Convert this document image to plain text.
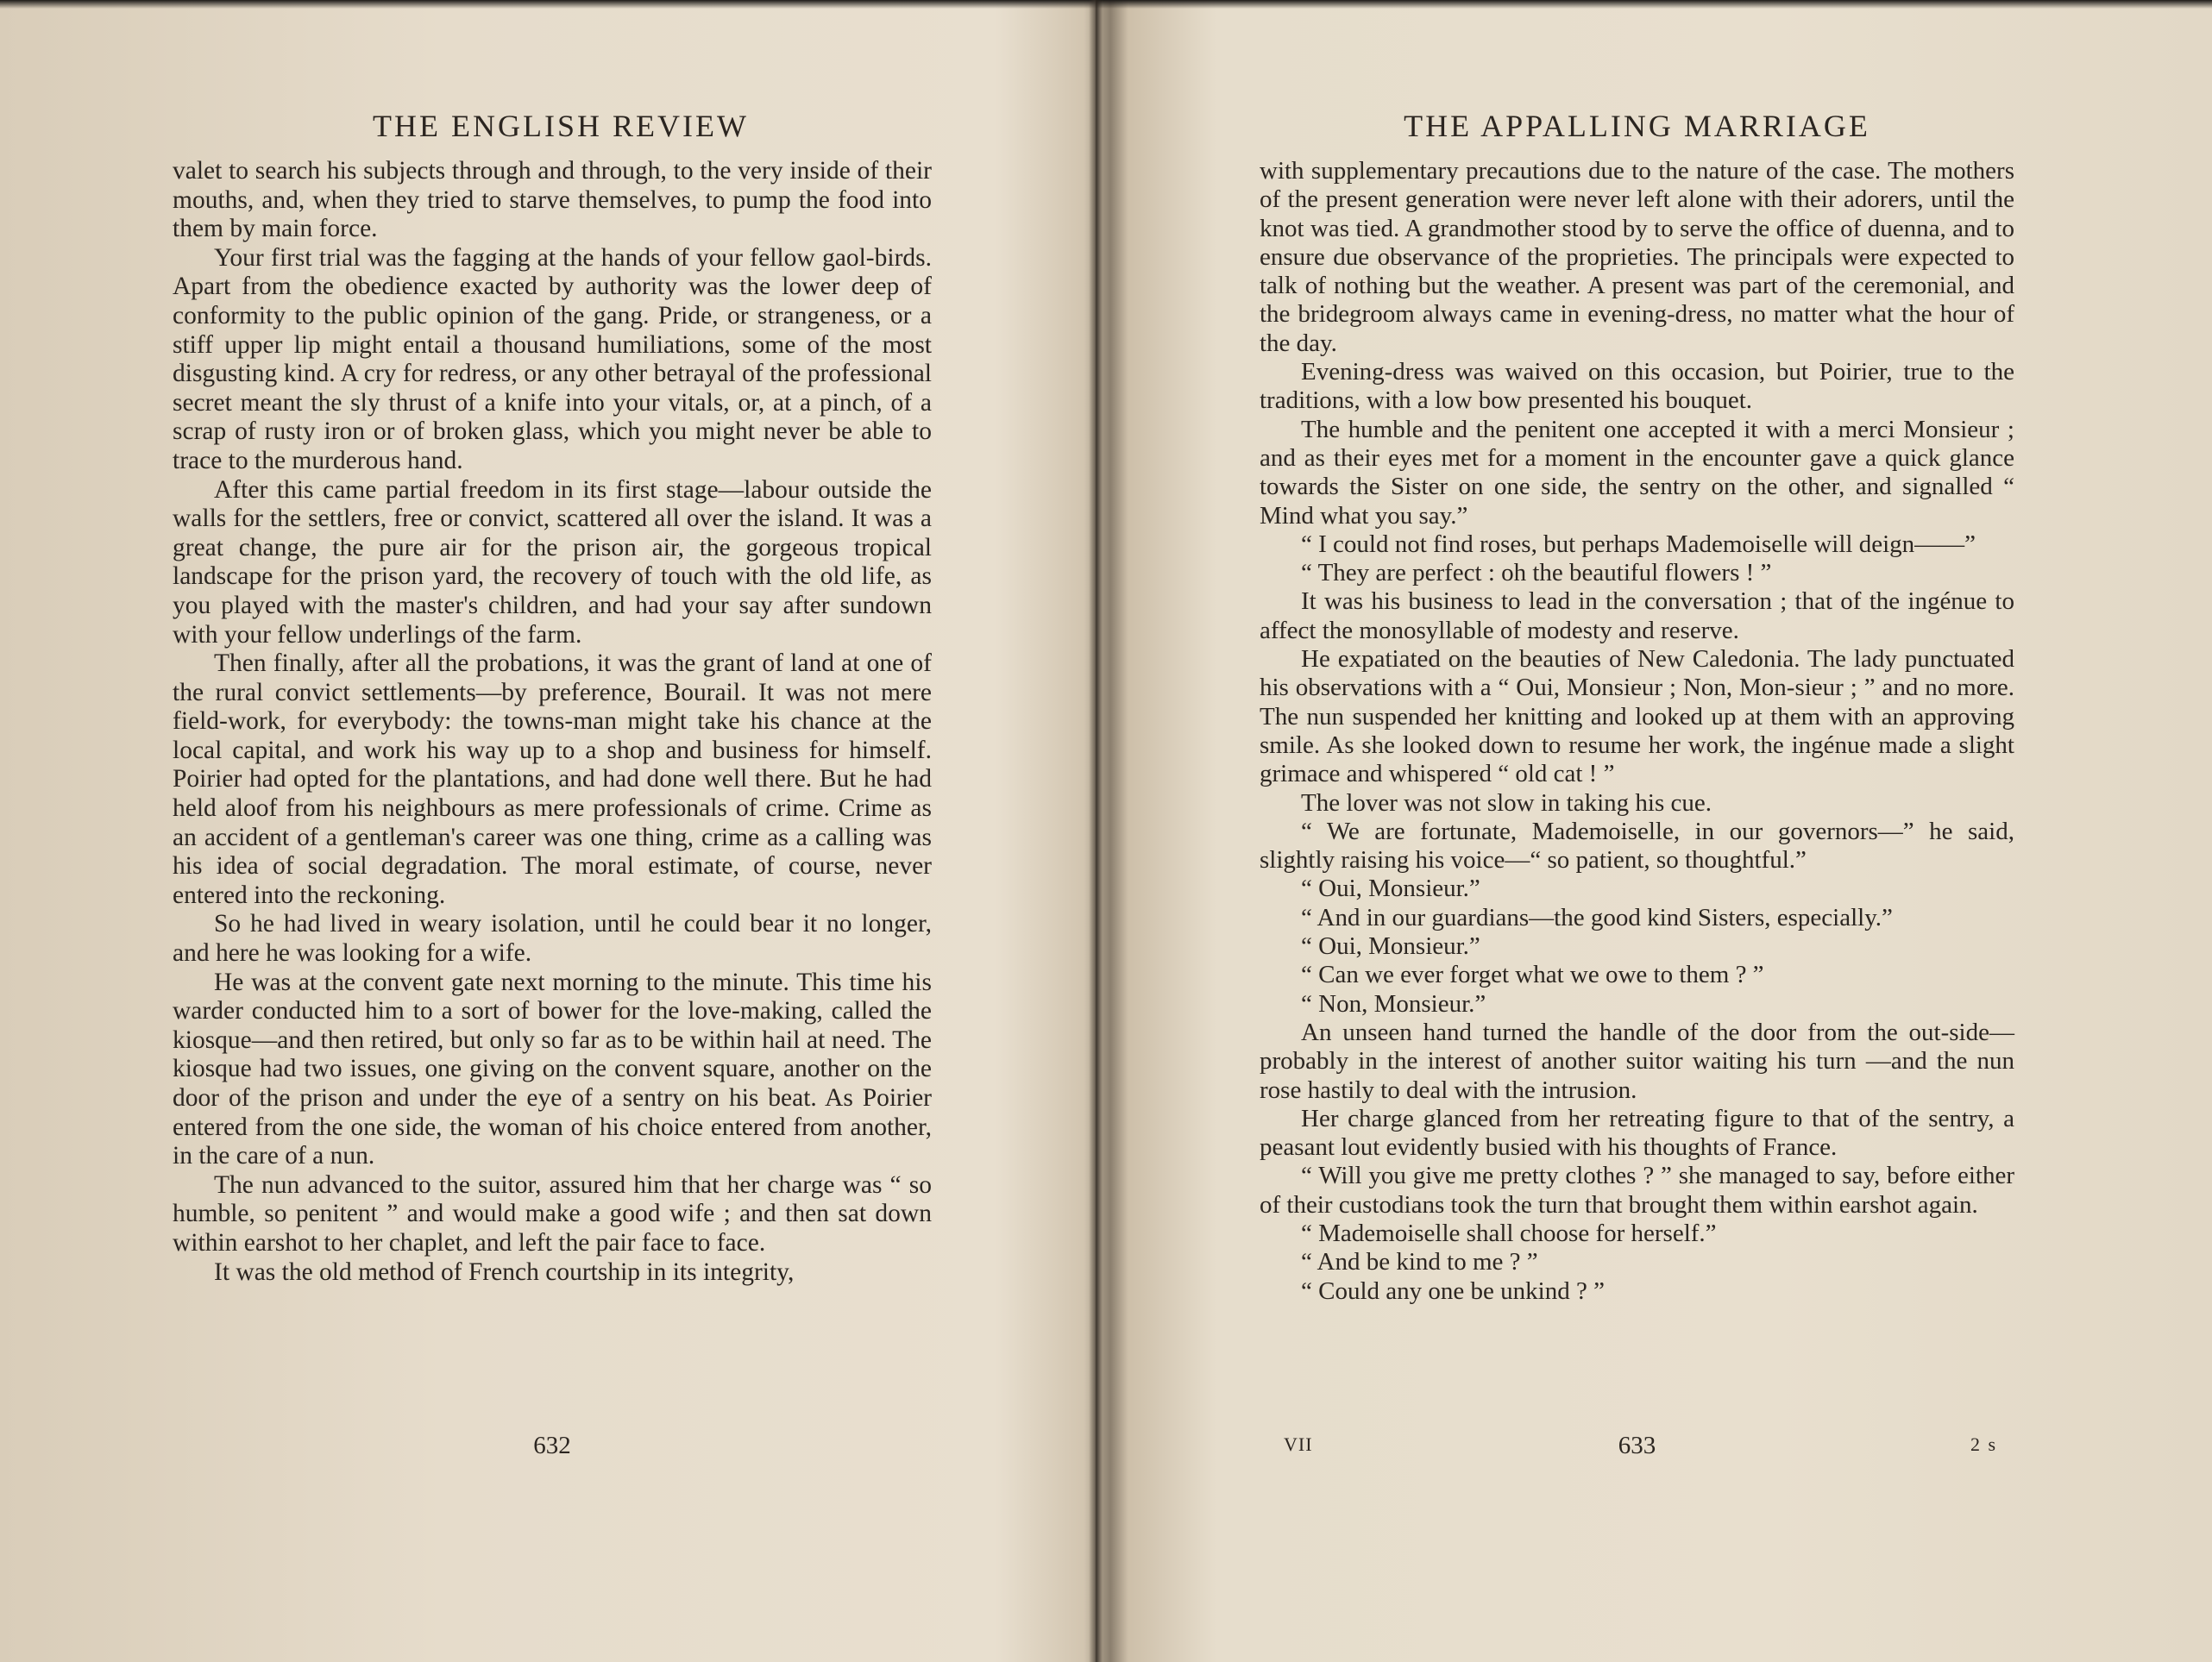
THE ENGLISH REVIEW

valet to search his subjects through and through, to the very inside of their mouths, and, when they tried to starve themselves, to pump the food into them by main force.

Your first trial was the fagging at the hands of your fellow gaol-birds. Apart from the obedience exacted by authority was the lower deep of conformity to the public opinion of the gang. Pride, or strangeness, or a stiff upper lip might entail a thousand humiliations, some of the most disgusting kind. A cry for redress, or any other betrayal of the professional secret meant the sly thrust of a knife into your vitals, or, at a pinch, of a scrap of rusty iron or of broken glass, which you might never be able to trace to the murderous hand.

After this came partial freedom in its first stage—labour outside the walls for the settlers, free or convict, scattered all over the island. It was a great change, the pure air for the prison air, the gorgeous tropical landscape for the prison yard, the recovery of touch with the old life, as you played with the master's children, and had your say after sundown with your fellow underlings of the farm.

Then finally, after all the probations, it was the grant of land at one of the rural convict settlements—by preference, Bourail. It was not mere field-work, for everybody: the towns-man might take his chance at the local capital, and work his way up to a shop and business for himself. Poirier had opted for the plantations, and had done well there. But he had held aloof from his neighbours as mere professionals of crime. Crime as an accident of a gentleman's career was one thing, crime as a calling was his idea of social degradation. The moral estimate, of course, never entered into the reckoning.

So he had lived in weary isolation, until he could bear it no longer, and here he was looking for a wife.

He was at the convent gate next morning to the minute. This time his warder conducted him to a sort of bower for the love-making, called the kiosque—and then retired, but only so far as to be within hail at need. The kiosque had two issues, one giving on the convent square, another on the door of the prison and under the eye of a sentry on his beat. As Poirier entered from the one side, the woman of his choice entered from another, in the care of a nun.

The nun advanced to the suitor, assured him that her charge was “ so humble, so penitent ” and would make a good wife ; and then sat down within earshot to her chaplet, and left the pair face to face.

It was the old method of French courtship in its integrity,

632
THE APPALLING MARRIAGE

with supplementary precautions due to the nature of the case. The mothers of the present generation were never left alone with their adorers, until the knot was tied. A grandmother stood by to serve the office of duenna, and to ensure due observance of the proprieties. The principals were expected to talk of nothing but the weather. A present was part of the ceremonial, and the bridegroom always came in evening-dress, no matter what the hour of the day.

Evening-dress was waived on this occasion, but Poirier, true to the traditions, with a low bow presented his bouquet.

The humble and the penitent one accepted it with a merci Monsieur ; and as their eyes met for a moment in the encounter gave a quick glance towards the Sister on one side, the sentry on the other, and signalled “ Mind what you say.”

“ I could not find roses, but perhaps Mademoiselle will deign——”

“ They are perfect : oh the beautiful flowers ! ”

It was his business to lead in the conversation ; that of the ingénue to affect the monosyllable of modesty and reserve.

He expatiated on the beauties of New Caledonia. The lady punctuated his observations with a “ Oui, Monsieur ; Non, Mon-sieur ; ” and no more. The nun suspended her knitting and looked up at them with an approving smile. As she looked down to resume her work, the ingénue made a slight grimace and whispered “ old cat ! ”

The lover was not slow in taking his cue.

“ We are fortunate, Mademoiselle, in our governors—” he said, slightly raising his voice—“ so patient, so thoughtful.”

“ Oui, Monsieur.”

“ And in our guardians—the good kind Sisters, especially.”

“ Oui, Monsieur.”

“ Can we ever forget what we owe to them ? ”

“ Non, Monsieur.”

An unseen hand turned the handle of the door from the out-side—probably in the interest of another suitor waiting his turn —and the nun rose hastily to deal with the intrusion.

Her charge glanced from her retreating figure to that of the sentry, a peasant lout evidently busied with his thoughts of France.

“ Will you give me pretty clothes ? ” she managed to say, before either of their custodians took the turn that brought them within earshot again.

“ Mademoiselle shall choose for herself.”

“ And be kind to me ? ”

“ Could any one be unkind ? ”

VII	633	2 s
